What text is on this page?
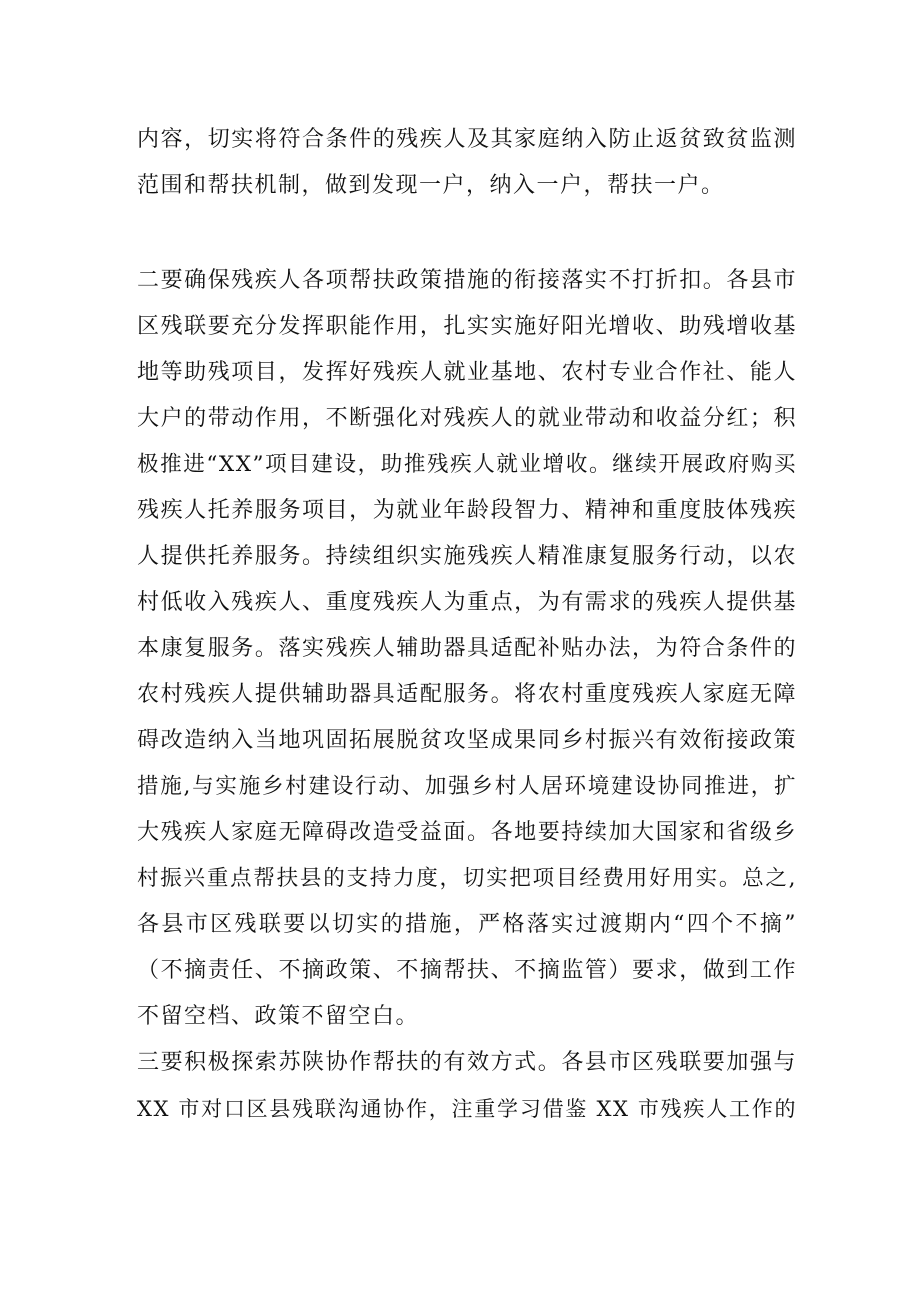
内容，切实将符合条件的残疾人及其家庭纳入防止返贫致贫监测
范围和帮扶机制，做到发现一户，纳入一户，帮扶一户。
二要确保残疾人各项帮扶政策措施的衔接落实不打折扣。各县市
区残联要充分发挥职能作用，扎实实施好阳光增收、助残增收基
地等助残项目，发挥好残疾人就业基地、农村专业合作社、能人
大户的带动作用，不断强化对残疾人的就业带动和收益分红；积
极推进“XX”项目建设，助推残疾人就业增收。继续开展政府购买
残疾人托养服务项目，为就业年龄段智力、精神和重度肢体残疾
人提供托养服务。持续组织实施残疾人精准康复服务行动，以农
村低收入残疾人、重度残疾人为重点，为有需求的残疾人提供基
本康复服务。落实残疾人辅助器具适配补贴办法，为符合条件的
农村残疾人提供辅助器具适配服务。将农村重度残疾人家庭无障
碍改造纳入当地巩固拓展脱贫攻坚成果同乡村振兴有效衔接政策
措施,与实施乡村建设行动、加强乡村人居环境建设协同推进，扩
大残疾人家庭无障碍改造受益面。各地要持续加大国家和省级乡
村振兴重点帮扶县的支持力度，切实把项目经费用好用实。总之,
各县市区残联要以切实的措施，严格落实过渡期内“四个不摘”
（不摘责任、不摘政策、不摘帮扶、不摘监管）要求，做到工作
不留空档、政策不留空白。
三要积极探索苏陕协作帮扶的有效方式。各县市区残联要加强与
XX 市对口区县残联沟通协作，注重学习借鉴 XX 市残疾人工作的
